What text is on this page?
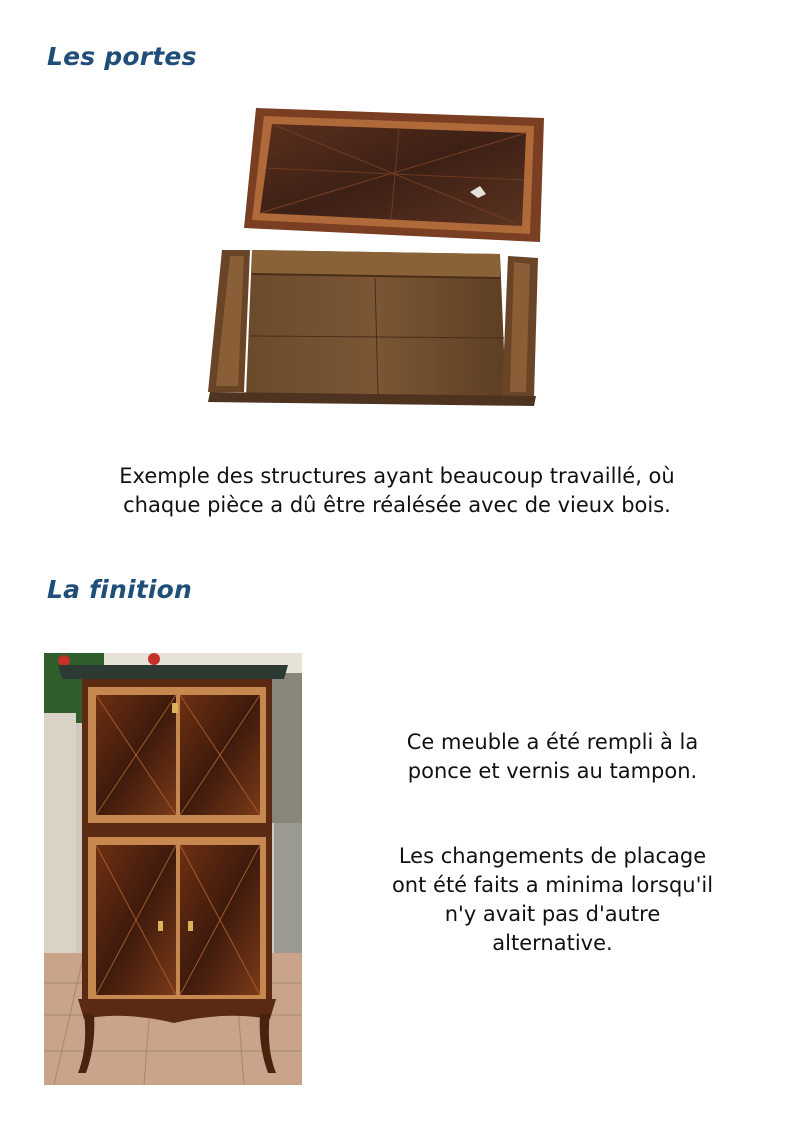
Les portes
Exemple des structures ayant beaucoup travaillé, où
chaque pièce a dû être réalésée avec de vieux bois.
La finition
Ce meuble a été rempli à la
ponce et vernis au tampon.
Les changements de placage
ont été faits a minima lorsqu'il
n'y avait pas d'autre
alternative.
